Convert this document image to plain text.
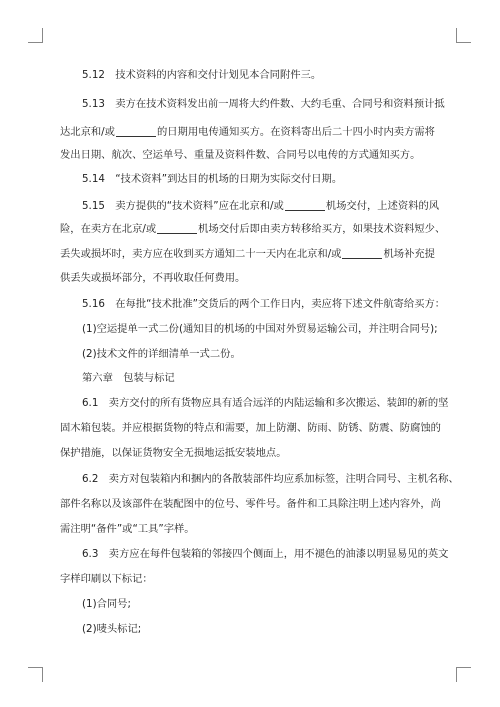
5.12　技术资料的内容和交付计划见本合同附件三。
5.13　卖方在技术资料发出前一周将大约件数、大约毛重、合同号和资料预计抵
达北京和/或	的日期用电传通知买方。在资料寄出后二十四小时内卖方需将
发出日期、航次、空运单号、重量及资料件数、合同号以电传的方式通知买方。
5.14　“技术资料”到达目的机场的日期为实际交付日期。
5.15　卖方提供的“技术资料”应在北京和/或	机场交付，上述资料的风
险，在卖方在北京/或	机场交付后即由卖方转移给买方，如果技术资料短少、
丢失或损坏时，卖方应在收到买方通知二十一天内在北京和/或	机场补充提
供丢失或损坏部分，不再收取任何费用。
5.16　在每批“技术批准”交货后的两个工作日内，卖应将下述文件航寄给买方：
(1)空运提单一式二份(通知目的机场的中国对外贸易运输公司，并注明合同号);
(2)技术文件的详细清单一式二份。
第六章　包装与标记
6.1　卖方交付的所有货物应具有适合远洋的内陆运输和多次搬运、装卸的新的坚
固木箱包装。并应根据货物的特点和需要，加上防潮、防雨、防锈、防震、防腐蚀的
保护措施，以保证货物安全无损地运抵安装地点。
6.2　卖方对包装箱内和捆内的各散装部件均应系加标签，注明合同号、主机名称、
部件名称以及该部件在装配图中的位号、零件号。备件和工具除注明上述内容外，尚
需注明“备件”或“工具”字样。
6.3　卖方应在每件包装箱的邻接四个侧面上，用不褪色的油漆以明显易见的英文
字样印刷以下标记：
(1)合同号;
(2)唛头标记;
